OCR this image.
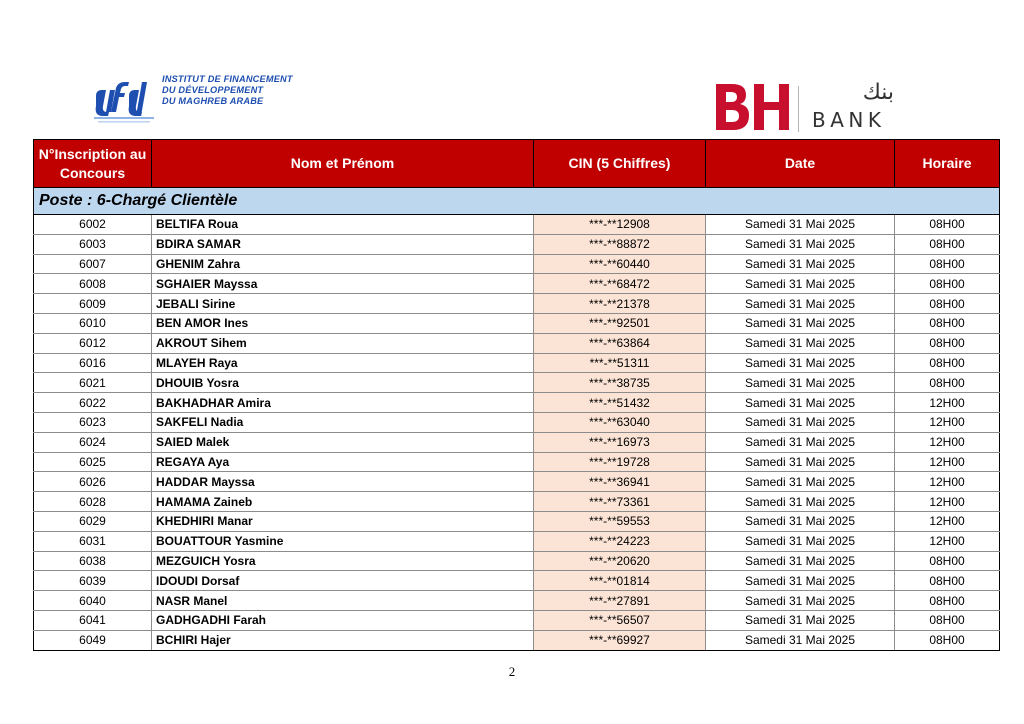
INSTITUT DE FINANCEMENT
DU DÉVELOPPEMENT
DU MAGHREB ARABE	بنك
BANK
N°Inscription au Concours	Nom et Prénom	CIN (5 Chiffres)	Date	Horaire
Poste : 6-Chargé Clientèle				
6002	BELTIFA Roua	***-**12908	Samedi 31 Mai 2025	08H00
6003	BDIRA SAMAR	***-**88872	Samedi 31 Mai 2025	08H00
6007	GHENIM Zahra	***-**60440	Samedi 31 Mai 2025	08H00
6008	SGHAIER Mayssa	***-**68472	Samedi 31 Mai 2025	08H00
6009	JEBALI Sirine	***-**21378	Samedi 31 Mai 2025	08H00
6010	BEN AMOR Ines	***-**92501	Samedi 31 Mai 2025	08H00
6012	AKROUT Sihem	***-**63864	Samedi 31 Mai 2025	08H00
6016	MLAYEH Raya	***-**51311	Samedi 31 Mai 2025	08H00
6021	DHOUIB Yosra	***-**38735	Samedi 31 Mai 2025	08H00
6022	BAKHADHAR Amira	***-**51432	Samedi 31 Mai 2025	12H00
6023	SAKFELI Nadia	***-**63040	Samedi 31 Mai 2025	12H00
6024	SAIED Malek	***-**16973	Samedi 31 Mai 2025	12H00
6025	REGAYA Aya	***-**19728	Samedi 31 Mai 2025	12H00
6026	HADDAR Mayssa	***-**36941	Samedi 31 Mai 2025	12H00
6028	HAMAMA Zaineb	***-**73361	Samedi 31 Mai 2025	12H00
6029	KHEDHIRI Manar	***-**59553	Samedi 31 Mai 2025	12H00
6031	BOUATTOUR Yasmine	***-**24223	Samedi 31 Mai 2025	12H00
6038	MEZGUICH Yosra	***-**20620	Samedi 31 Mai 2025	08H00
6039	IDOUDI Dorsaf	***-**01814	Samedi 31 Mai 2025	08H00
6040	NASR Manel	***-**27891	Samedi 31 Mai 2025	08H00
6041	GADHGADHI Farah	***-**56507	Samedi 31 Mai 2025	08H00
6049	BCHIRI Hajer	***-**69927	Samedi 31 Mai 2025	08H00
2
